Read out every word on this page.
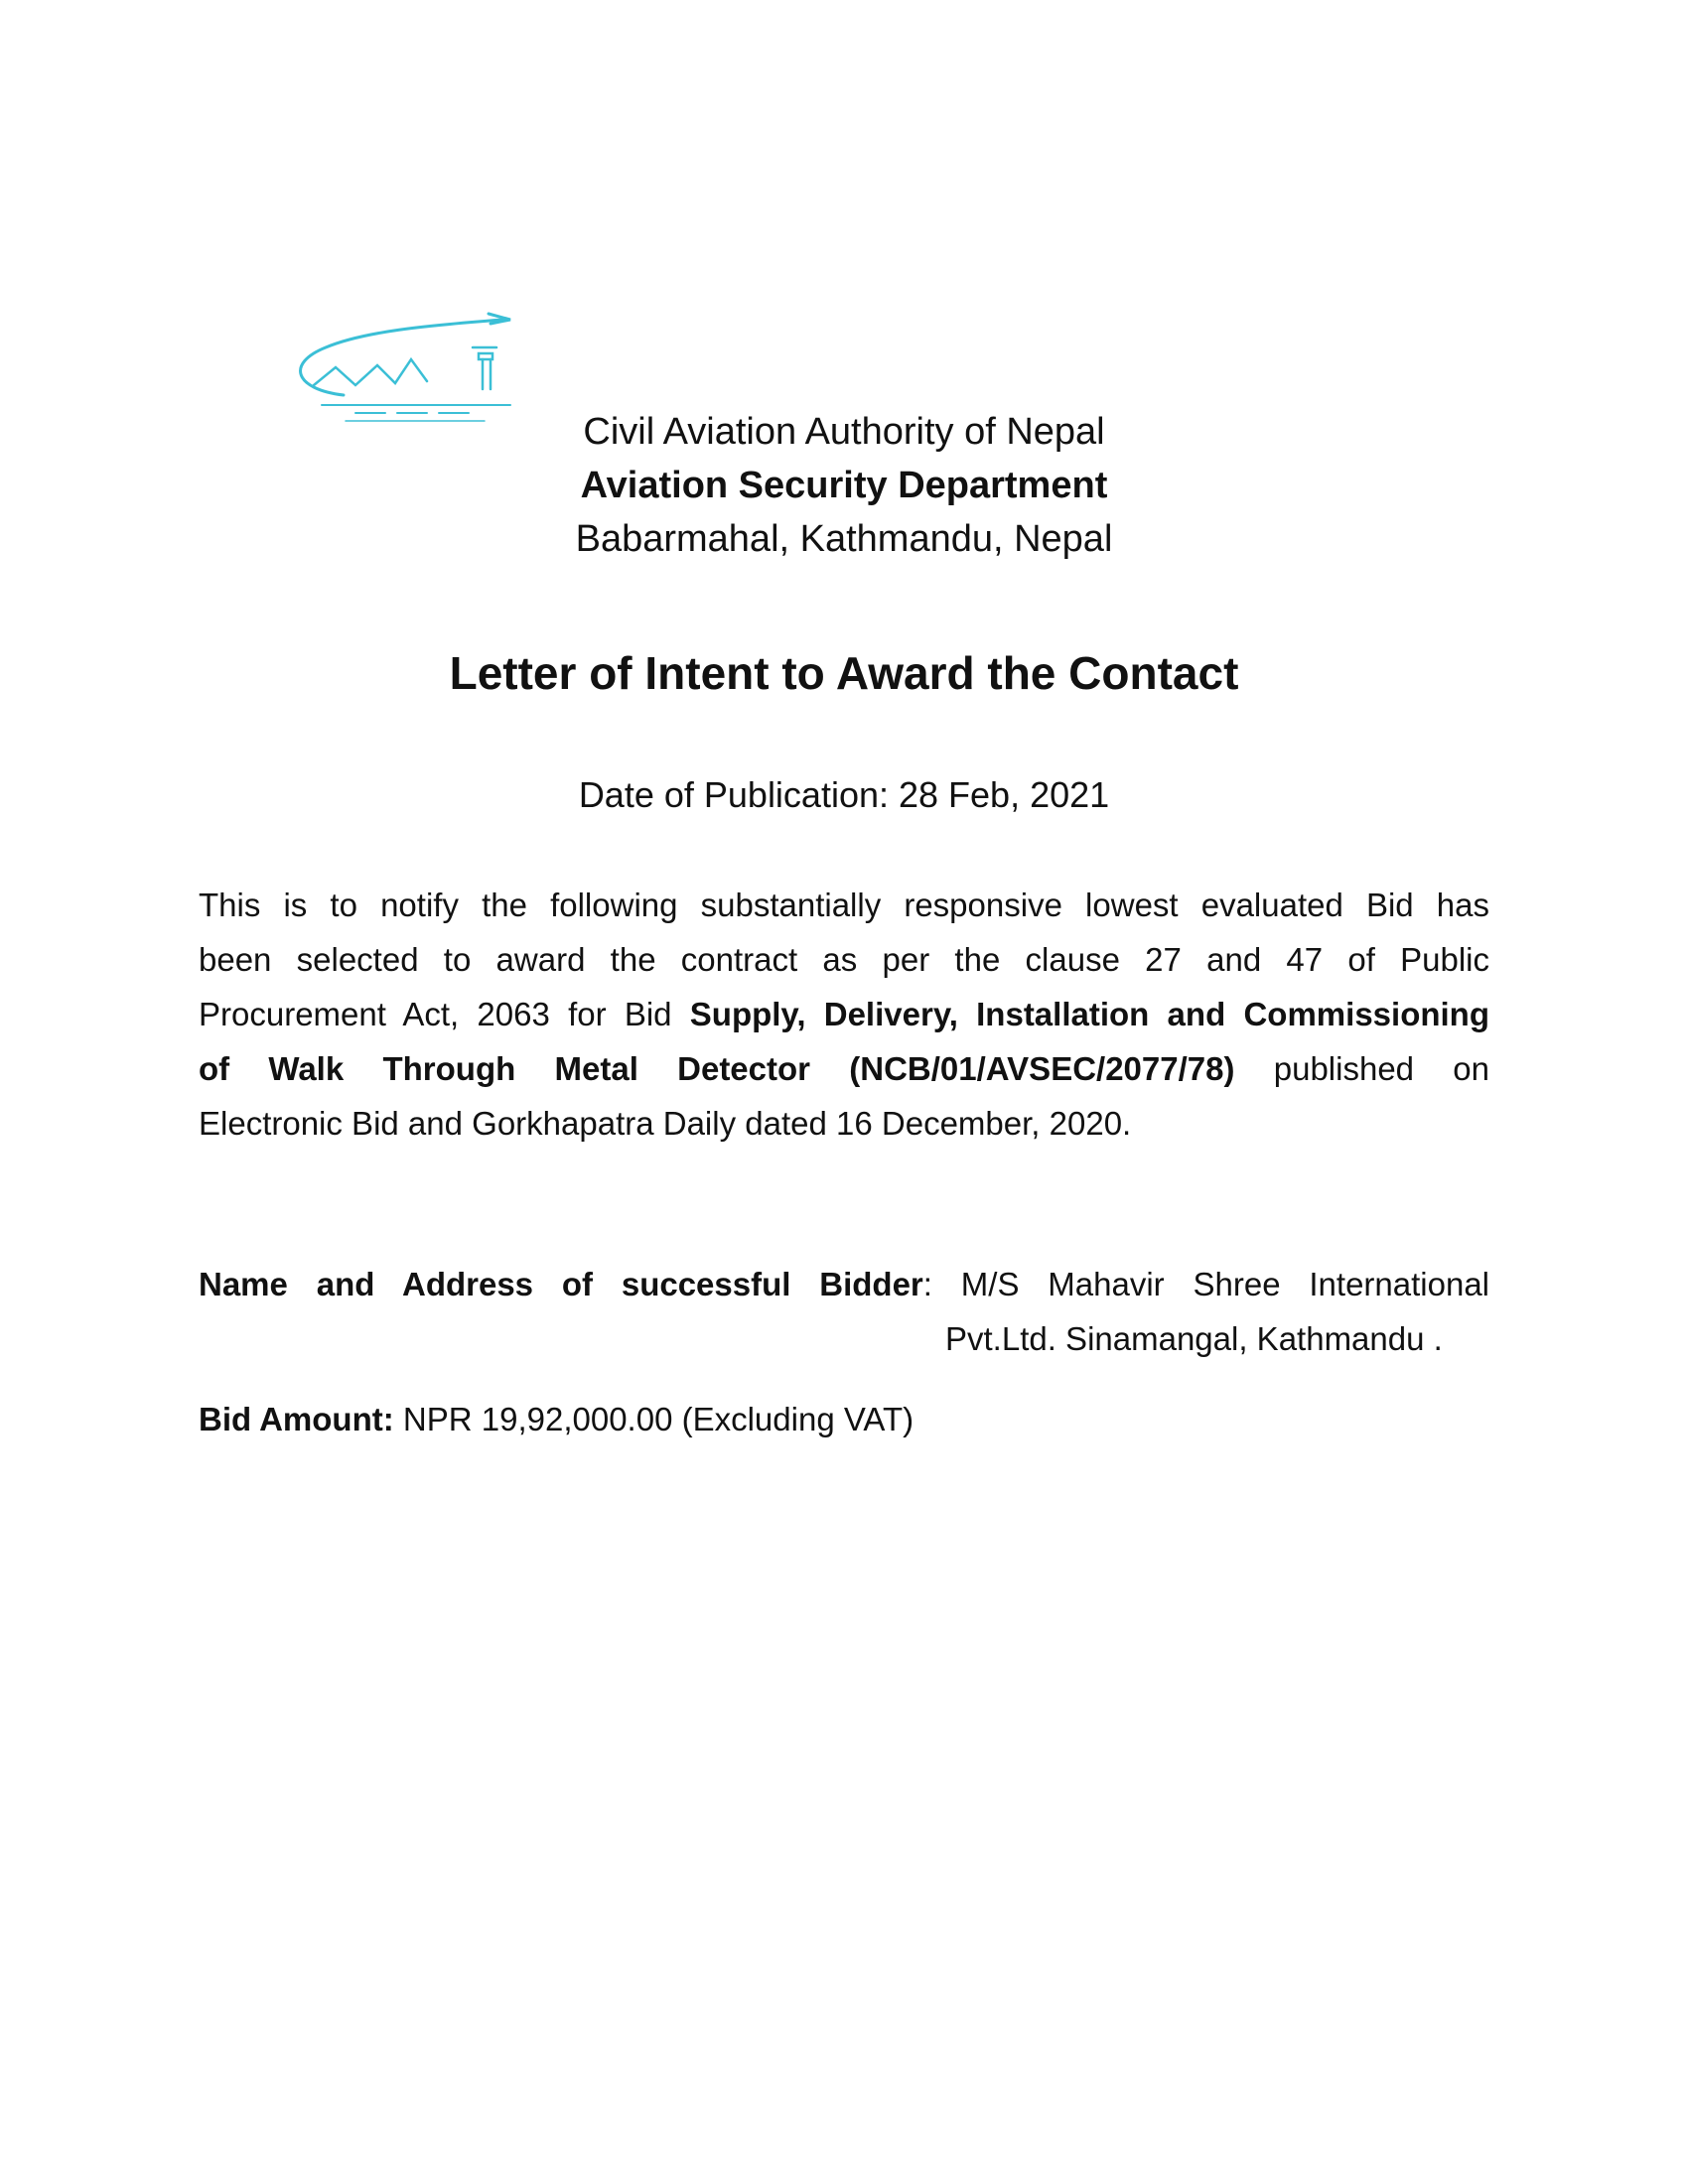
Civil Aviation Authority of Nepal
Aviation Security Department
Babarmahal, Kathmandu, Nepal
Letter of Intent to Award the Contact
Date of Publication: 28 Feb, 2021
This is to notify the following substantially responsive lowest evaluated Bid has
been selected to award the contract as per the clause 27 and 47 of Public
Procurement Act, 2063 for Bid Supply, Delivery, Installation and Commissioning
of Walk Through Metal Detector (NCB/01/AVSEC/2077/78) published on
Electronic Bid and Gorkhapatra Daily dated 16 December, 2020.
Name and Address of successful Bidder: M/S Mahavir Shree International
Pvt.Ltd. Sinamangal, Kathmandu .
Bid Amount: NPR 19,92,000.00 (Excluding VAT)
